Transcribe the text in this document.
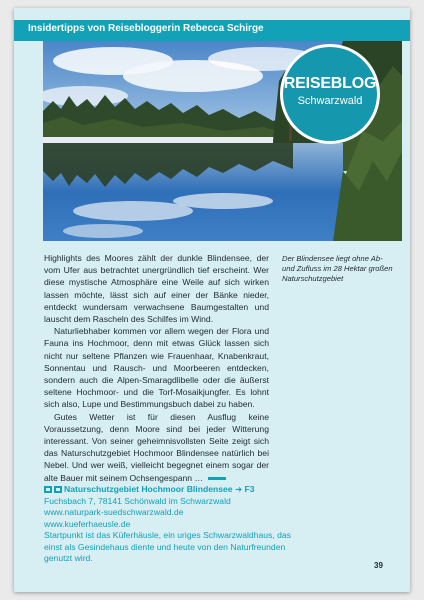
Insidertipps von Reisebloggerin Rebecca Schirge
REISEBLOG
Schwarzwald

Highlights des Moores zählt der dunkle Blindensee, der vom Ufer aus betrachtet unergründlich tief erscheint. Wer diese mystische Atmosphäre eine Weile auf sich wirken lassen möchte, lässt sich auf einer der Bänke nieder, entdeckt wundersam verwachsene Baumgestalten und lauscht dem Rascheln des Schilfes im Wind.

Naturliebhaber kommen vor allem wegen der Flora und Fauna ins Hochmoor, denn mit etwas Glück lassen sich nicht nur seltene Pflanzen wie Frauenhaar, Knabenkraut, Sonnentau und Rausch- und Moorbeeren entdecken, sondern auch die Alpen-Smaragdlibelle oder die äußerst seltene Hochmoor- und die Torf-Mosaikjungfer. Es lohnt sich also, Lupe und Bestimmungsbuch dabei zu haben.

Gutes Wetter ist für diesen Ausflug keine Voraussetzung, denn Moore sind bei jeder Witterung interessant. Von seiner geheimnisvollsten Seite zeigt sich das Naturschutzgebiet Hochmoor Blindensee natürlich bei Nebel. Und wer weiß, vielleicht begegnet einem sogar der alte Bauer mit seinem Ochsengespann …

Der Blindensee liegt ohne Ab- und Zufluss im 28 Hektar großen Naturschutzgebiet
Naturschutzgebiet Hochmoor Blindensee ➜ F3
Fuchsbach 7, 78141 Schönwald im Schwarzwald
www.naturpark-suedschwarzwald.de
www.kueferhaeusle.de
Startpunkt ist das Küferhäusle, ein uriges Schwarzwaldhaus, das einst als Gesindehaus diente und heute von den Naturfreunden genutzt wird.
39
